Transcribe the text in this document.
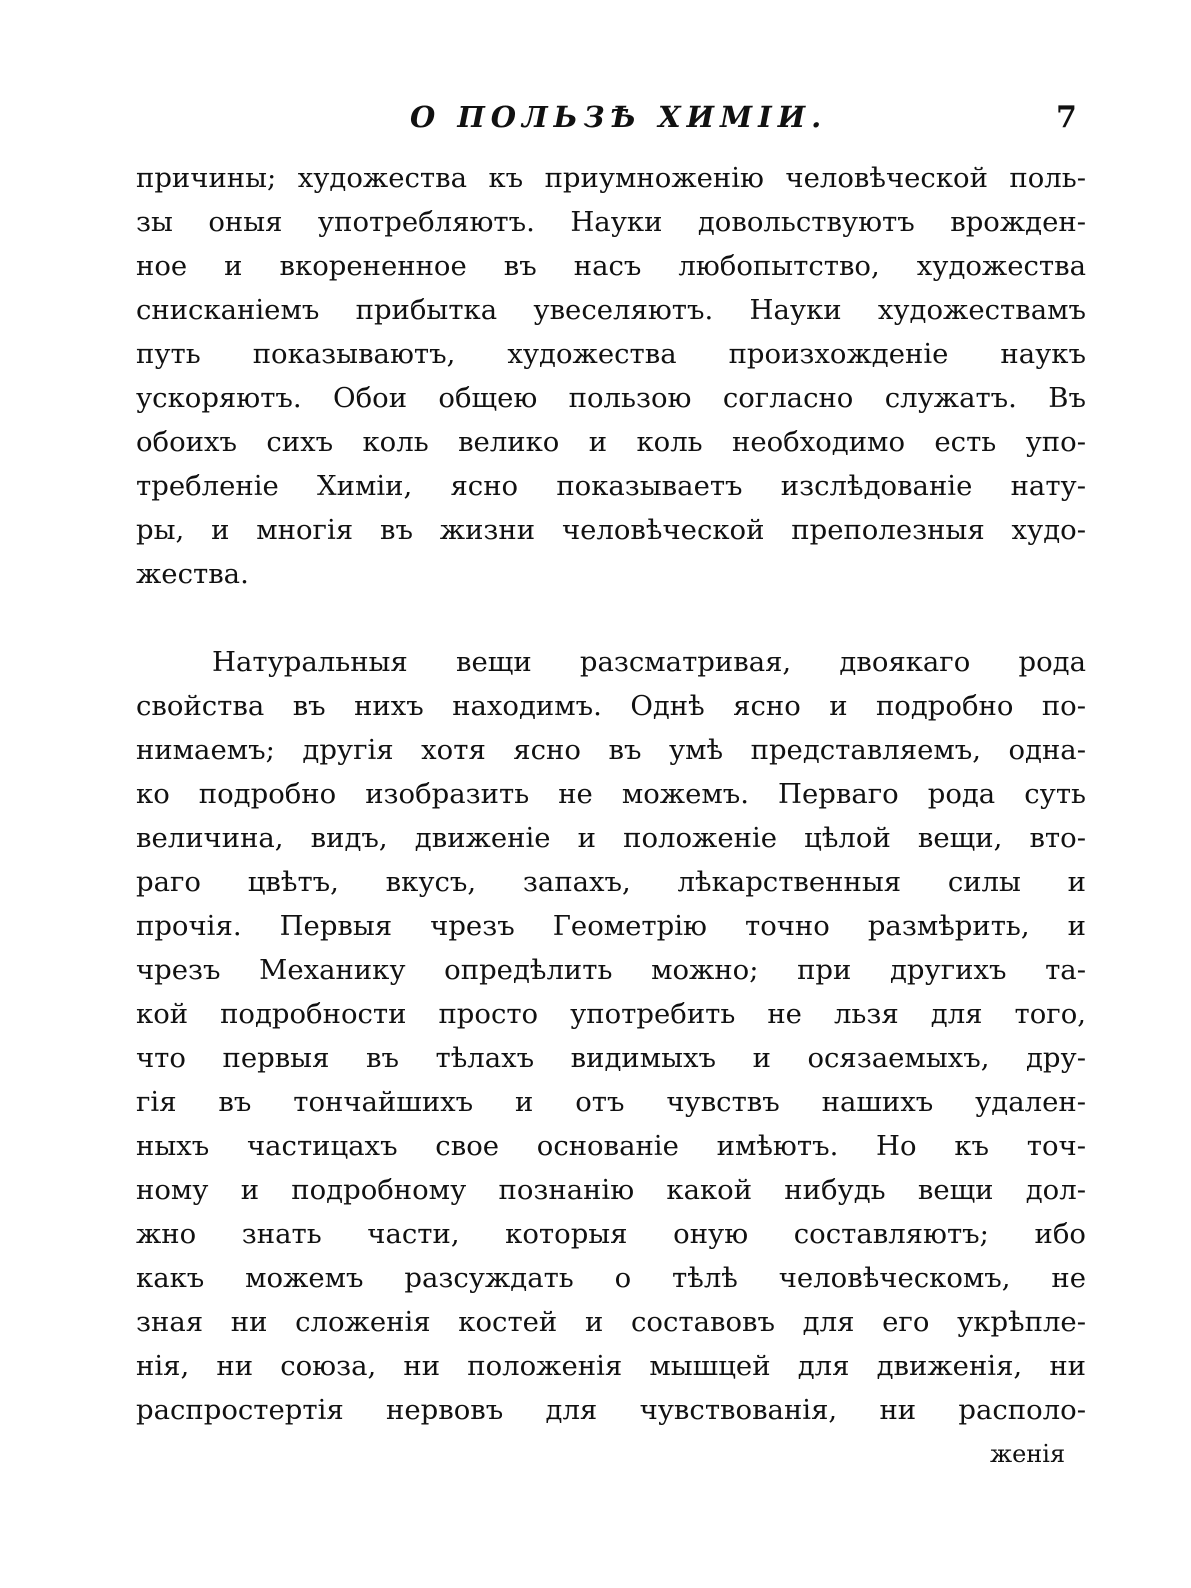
О ПОЛЬЗѢ ХИМІИ.	7
причины; художества къ приумноженію человѣческой поль-
зы оныя употребляютъ. Науки довольствуютъ врожден-
ное и вкорененное въ насъ любопытство, художества
снисканіемъ прибытка увеселяютъ. Науки художествамъ
путь показываютъ, художества произхожденіе наукъ
ускоряютъ. Обои общею пользою согласно служатъ. Въ
обоихъ сихъ коль велико и коль необходимо есть упо-
требленіе Химіи, ясно показываетъ изслѣдованіе нату-
ры, и многія въ жизни человѣческой преполезныя худо-
жества.
Натуральныя вещи разсматривая, двоякаго рода
свойства въ нихъ находимъ. Однѣ ясно и подробно по-
нимаемъ; другія хотя ясно въ умѣ представляемъ, одна-
ко подробно изобразить не можемъ. Перваго рода суть
величина, видъ, движеніе и положеніе цѣлой вещи, вто-
раго цвѣтъ, вкусъ, запахъ, лѣкарственныя силы и
прочія. Первыя чрезъ Геометрію точно размѣрить, и
чрезъ Механику опредѣлить можно; при другихъ та-
кой подробности просто употребить не льзя для того,
что первыя въ тѣлахъ видимыхъ и осязаемыхъ, дру-
гія въ тончайшихъ и отъ чувствъ нашихъ удален-
ныхъ частицахъ свое основаніе имѣютъ. Но къ точ-
ному и подробному познанію какой нибудь вещи дол-
жно знать части, которыя оную составляютъ; ибо
какъ можемъ разсуждать о тѣлѣ человѣческомъ, не
зная ни сложенія костей и составовъ для его укрѣпле-
нія, ни союза, ни положенія мышцей для движенія, ни
распростертія нервовъ для чувствованія, ни располо-
женія
